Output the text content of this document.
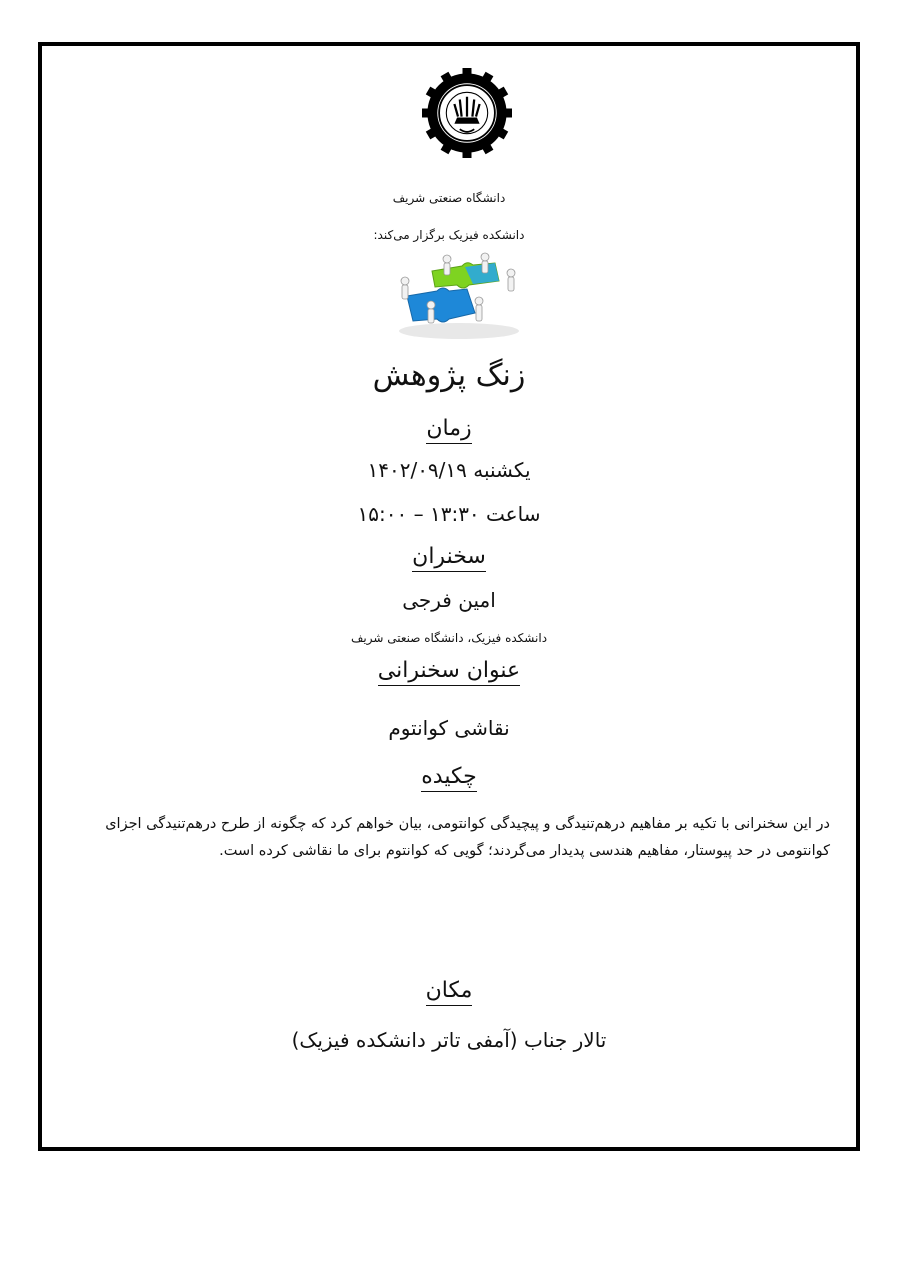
دانشگاه صنعتی شریف
دانشکده فیزیک برگزار می‌کند:
زنگ پژوهش
زمان
یکشنبه ۱۴۰۲/۰۹/۱۹
ساعت ۱۳:۳۰ – ۱۵:۰۰
سخنران
امین فرجی
دانشکده فیزیک، دانشگاه صنعتی شریف
عنوان سخنرانی
نقاشی کوانتوم
چکیده
در این سخنرانی با تکیه بر مفاهیم درهم‌تنیدگی و پیچیدگی کوانتومی، بیان خواهم کرد که چگونه از طرح درهم‌تنیدگی اجزای کوانتومی در حد پیوستار، مفاهیم هندسی پدیدار می‌گردند؛ گویی که کوانتوم برای ما نقاشی کرده است.
مکان
تالار جناب (آمفی تاتر دانشکده فیزیک)
